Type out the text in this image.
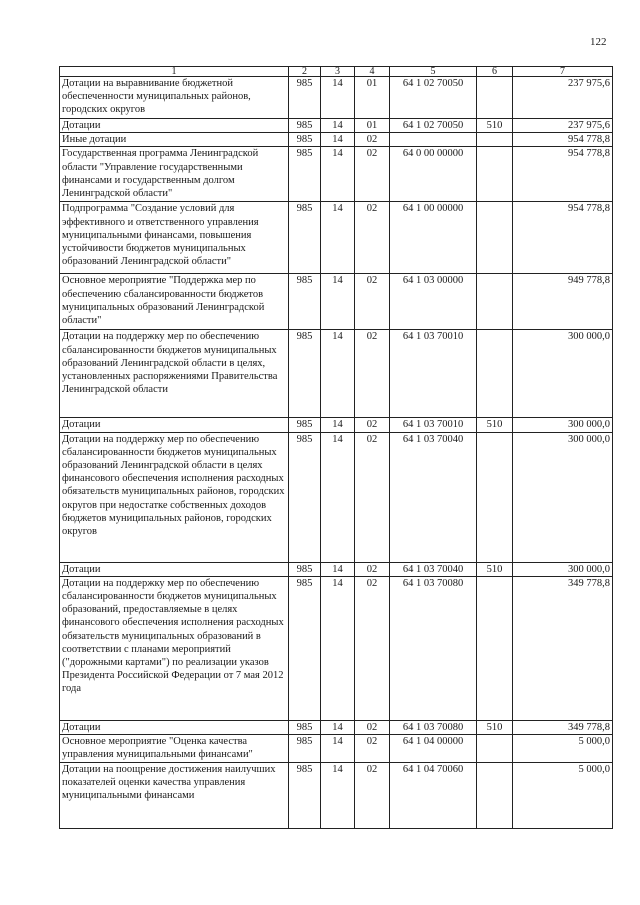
122
1	2	3	4	5	6	7
Дотации на выравнивание бюджетной обеспеченности муниципальных районов, городских округов	985	14	01	64 1 02 70050		237 975,6
Дотации	985	14	01	64 1 02 70050	510	237 975,6
Иные дотации	985	14	02			954 778,8
Государственная программа Ленинградской области "Управление государственными финансами и государственным долгом Ленинградской области"	985	14	02	64 0 00 00000		954 778,8
Подпрограмма "Создание условий для эффективного и ответственного управления муниципальными финансами, повышения устойчивости бюджетов муниципальных образований Ленинградской области"	985	14	02	64 1 00 00000		954 778,8
Основное мероприятие "Поддержка мер по обеспечению сбалансированности бюджетов муниципальных образований Ленинградской области"	985	14	02	64 1 03 00000		949 778,8
Дотации на поддержку мер по обеспечению сбалансированности бюджетов муниципальных образований Ленинградской области в целях, установленных распоряжениями Правительства Ленинградской области	985	14	02	64 1 03 70010		300 000,0
Дотации	985	14	02	64 1 03 70010	510	300 000,0
Дотации на поддержку мер по обеспечению сбалансированности бюджетов муниципальных образований Ленинградской области в целях финансового обеспечения исполнения расходных обязательств муниципальных районов, городских округов при недостатке собственных доходов бюджетов муниципальных районов, городских округов	985	14	02	64 1 03 70040		300 000,0
Дотации	985	14	02	64 1 03 70040	510	300 000,0
Дотации на поддержку мер по обеспечению сбалансированности бюджетов муниципальных образований, предоставляемые в целях финансового обеспечения исполнения расходных обязательств муниципальных образований в соответствии с планами мероприятий ("дорожными картами") по реализации указов Президента Российской Федерации от 7 мая 2012 года	985	14	02	64 1 03 70080		349 778,8
Дотации	985	14	02	64 1 03 70080	510	349 778,8
Основное мероприятие "Оценка качества управления муниципальными финансами"	985	14	02	64 1 04 00000		5 000,0
Дотации на поощрение достижения наилучших показателей оценки качества управления муниципальными финансами	985	14	02	64 1 04 70060		5 000,0
